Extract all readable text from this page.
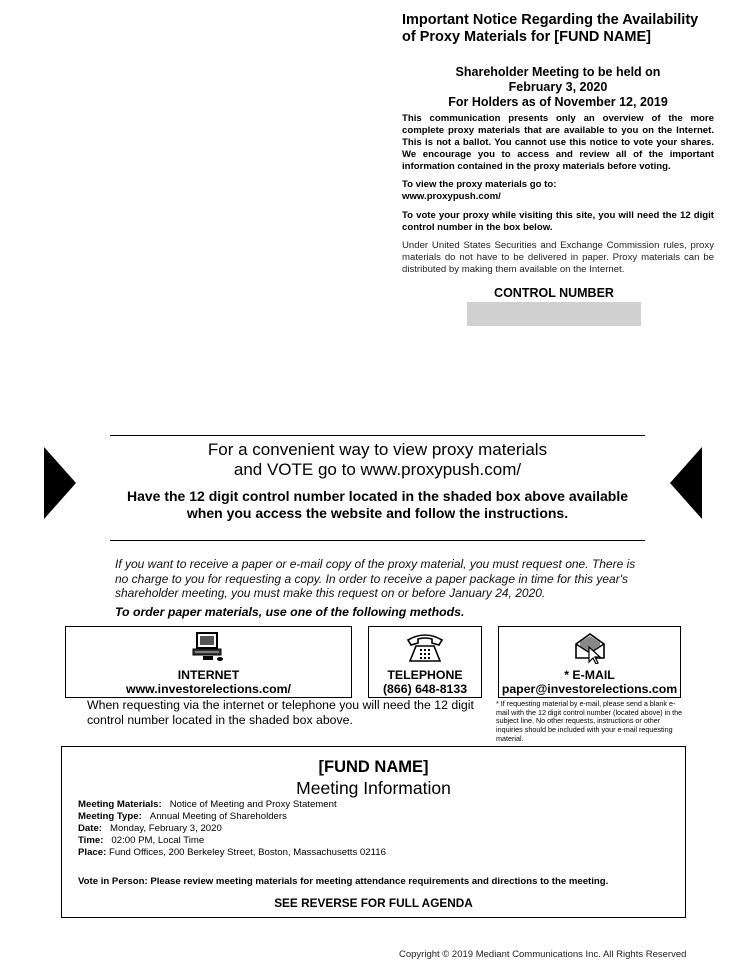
Important Notice Regarding the Availability
of Proxy Materials for [FUND NAME]
Shareholder Meeting to be held on
February 3, 2020
For Holders as of November 12, 2019
This communication presents only an overview of the more complete proxy materials that are available to you on the Internet. This is not a ballot. You cannot use this notice to vote your shares. We encourage you to access and review all of the important information contained in the proxy materials before voting.
To view the proxy materials go to:
www.proxypush.com/
To vote your proxy while visiting this site, you will need the 12 digit control number in the box below.
Under United States Securities and Exchange Commission rules, proxy materials do not have to be delivered in paper. Proxy materials can be distributed by making them available on the Internet.
CONTROL NUMBER
For a convenient way to view proxy materials
and VOTE go to www.proxypush.com/
Have the 12 digit control number located in the shaded box above available
when you access the website and follow the instructions.
If you want to receive a paper or e-mail copy of the proxy material, you must request one. There is
no charge to you for requesting a copy. In order to receive a paper package in time for this year's
shareholder meeting, you must make this request on or before January 24, 2020.
To order paper materials, use one of the following methods.
INTERNET
www.investorelections.com/
TELEPHONE
(866) 648-8133
* E-MAIL
paper@investorelections.com
When requesting via the internet or telephone you will need the 12 digit
control number located in the shaded box above.
* If requesting material by e-mail, please send a blank e-mail with the 12 digit control number (located above) in the subject line. No other requests, instructions or other inquiries should be included with your e-mail requesting material.
[FUND NAME]
Meeting Information
Meeting Materials: Notice of Meeting and Proxy Statement
Meeting Type: Annual Meeting of Shareholders
Date: Monday, February 3, 2020
Time: 02:00 PM, Local Time
Place: Fund Offices, 200 Berkeley Street, Boston, Massachusetts 02116
Vote in Person: Please review meeting materials for meeting attendance requirements and directions to the meeting.
SEE REVERSE FOR FULL AGENDA
Copyright © 2019 Mediant Communications Inc. All Rights Reserved
